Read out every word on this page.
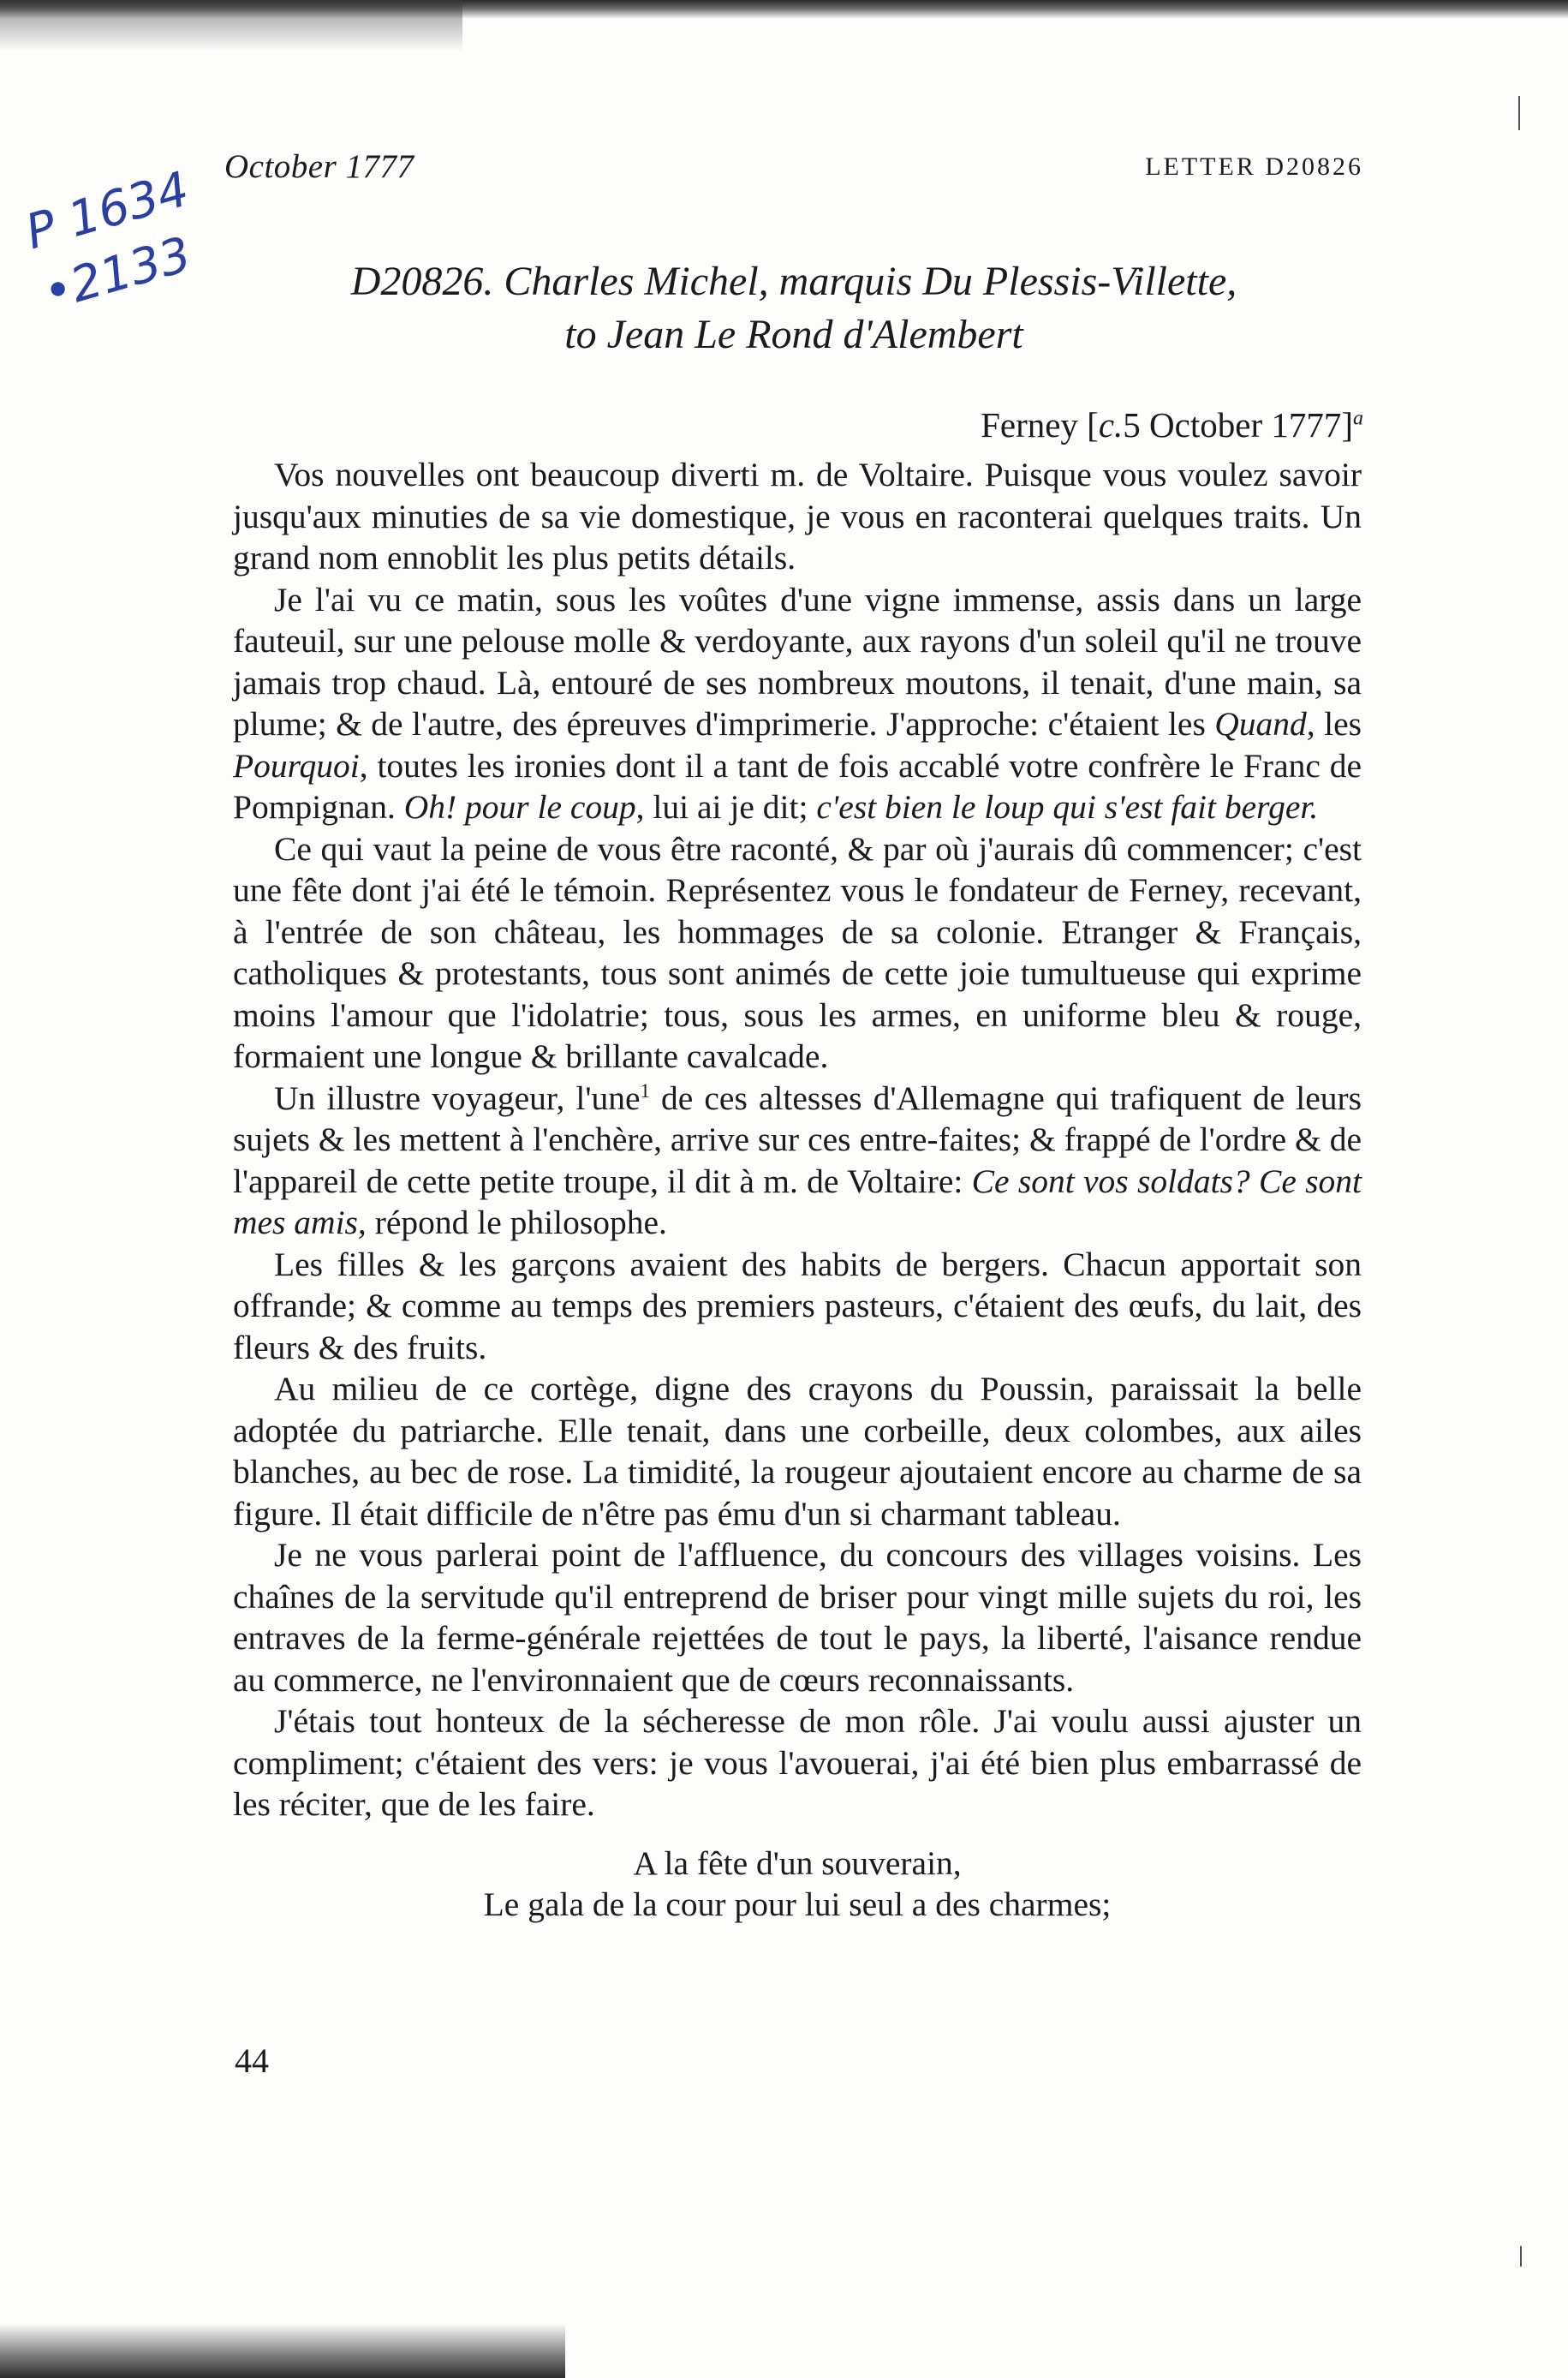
October 1777	LETTER D20826
P 1634
•2133	D20826. Charles Michel, marquis Du Plessis-Villette,
to Jean Le Rond d'Alembert
Ferney [c.5 October 1777]$^a$

Vos nouvelles ont beaucoup diverti m. de Voltaire. Puisque vous voulez savoir jusqu'aux minuties de sa vie domestique, je vous en raconterai quelques traits. Un grand nom ennoblit les plus petits détails.

Je l'ai vu ce matin, sous les voûtes d'une vigne immense, assis dans un large fauteuil, sur une pelouse molle & verdoyante, aux rayons d'un soleil qu'il ne trouve jamais trop chaud. Là, entouré de ses nombreux moutons, il tenait, d'une main, sa plume; & de l'autre, des épreuves d'imprimerie. J'approche: c'étaient les Quand, les Pourquoi, toutes les ironies dont il a tant de fois accablé votre confrère le Franc de Pompignan. Oh! pour le coup, lui ai je dit; c'est bien le loup qui s'est fait berger.

Ce qui vaut la peine de vous être raconté, & par où j'aurais dû commencer; c'est une fête dont j'ai été le témoin. Représentez vous le fondateur de Ferney, recevant, à l'entrée de son château, les hommages de sa colonie. Etranger & Français, catholiques & protestants, tous sont animés de cette joie tumultueuse qui exprime moins l'amour que l'idolatrie; tous, sous les armes, en uniforme bleu & rouge, formaient une longue & brillante cavalcade.

Un illustre voyageur, l'une$^1$ de ces altesses d'Allemagne qui trafiquent de leurs sujets & les mettent à l'enchère, arrive sur ces entre-faites; & frappé de l'ordre & de l'appareil de cette petite troupe, il dit à m. de Voltaire: Ce sont vos soldats? Ce sont mes amis, répond le philosophe.

Les filles & les garçons avaient des habits de bergers. Chacun apportait son offrande; & comme au temps des premiers pasteurs, c'étaient des œufs, du lait, des fleurs & des fruits.

Au milieu de ce cortège, digne des crayons du Poussin, paraissait la belle adoptée du patriarche. Elle tenait, dans une corbeille, deux colombes, aux ailes blanches, au bec de rose. La timidité, la rougeur ajoutaient encore au charme de sa figure. Il était difficile de n'être pas ému d'un si charmant tableau.

Je ne vous parlerai point de l'affluence, du concours des villages voisins. Les chaînes de la servitude qu'il entreprend de briser pour vingt mille sujets du roi, les entraves de la ferme-générale rejettées de tout le pays, la liberté, l'aisance rendue au commerce, ne l'environnaient que de cœurs reconnaissants.

J'étais tout honteux de la sécheresse de mon rôle. J'ai voulu aussi ajuster un compliment; c'étaient des vers: je vous l'avouerai, j'ai été bien plus embarrassé de les réciter, que de les faire.

A la fête d'un souverain,
Le gala de la cour pour lui seul a des charmes;

44
